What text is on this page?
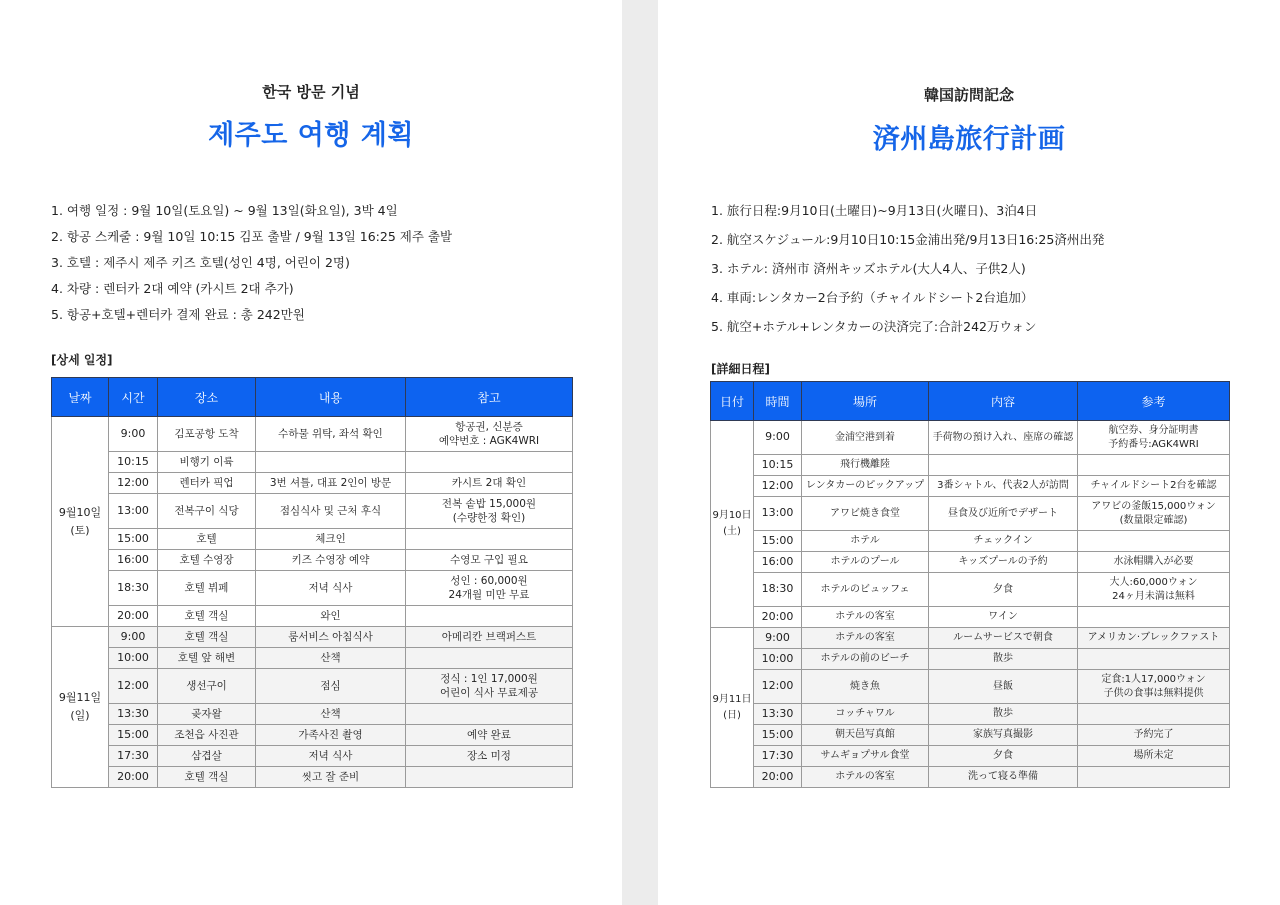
한국 방문 기념
제주도 여행 계획
1. 여행 일정 : 9월 10일(토요일) ~ 9월 13일(화요일), 3박 4일
2. 항공 스케줄 : 9월 10일 10:15 김포 출발 / 9월 13일 16:25 제주 출발
3. 호텔 : 제주시 제주 키즈 호텔(성인 4명, 어린이 2명)
4. 차량 : 렌터카 2대 예약 (카시트 2대 추가)
5. 항공+호텔+렌터카 결제 완료 : 총 242만원
[상세 일정]
날짜	시간	장소	내용	참고
9월10일
(토)	9:00	김포공항 도착	수하물 위탁, 좌석 확인	항공권, 신분증
예약번호 : AGK4WRI
	10:15	비행기 이륙		
	12:00	렌터카 픽업	3번 셔틀, 대표 2인이 방문	카시트 2대 확인
	13:00	전복구이 식당	점심식사 및 근처 후식	전복 솥밥 15,000원
(수량한정 확인)
	15:00	호텔	체크인	
	16:00	호텔 수영장	키즈 수영장 예약	수영모 구입 필요
	18:30	호텔 뷔페	저녁 식사	성인 : 60,000원
24개월 미만 무료
	20:00	호텔 객실	와인	
9월11일
(일)	9:00	호텔 객실	룸서비스 아침식사	아메리칸 브랙퍼스트
	10:00	호텔 앞 해변	산책	
	12:00	생선구이	점심	정식 : 1인 17,000원
어린이 식사 무료제공
	13:30	곶자왈	산책	
	15:00	조천읍 사진관	가족사진 촬영	예약 완료
	17:30	삼겹살	저녁 식사	장소 미정
	20:00	호텔 객실	씻고 잘 준비	
韓国訪問記念
済州島旅行計画
1. 旅行日程:9月10日(土曜日)~9月13日(火曜日)、3泊4日
2. 航空スケジュール:9月10日10:15金浦出発/9月13日16:25済州出発
3. ホテル: 済州市 済州キッズホテル(大人4人、子供2人)
4. 車両:レンタカー2台予約（チャイルドシート2台追加）
5. 航空+ホテル+レンタカーの決済完了:合計242万ウォン
[詳細日程]
日付	時間	場所	内容	参考
9月10日
(土)	9:00	金浦空港到着	手荷物の預け入れ、座席の確認	航空券、身分証明書
予約番号:AGK4WRI
	10:15	飛行機離陸		
	12:00	レンタカーのピックアップ	3番シャトル、代表2人が訪問	チャイルドシート2台を確認
	13:00	アワビ焼き食堂	昼食及び近所でデザート	アワビの釜飯15,000ウォン
(数量限定確認)
	15:00	ホテル	チェックイン	
	16:00	ホテルのプール	キッズプールの予約	水泳帽購入が必要
	18:30	ホテルのビュッフェ	夕食	大人:60,000ウォン
24ヶ月未満は無料
	20:00	ホテルの客室	ワイン	
9月11日
(日)	9:00	ホテルの客室	ルームサービスで朝食	アメリカン·ブレックファスト
	10:00	ホテルの前のビーチ	散歩	
	12:00	焼き魚	昼飯	定食:1人17,000ウォン
子供の食事は無料提供
	13:30	コッチャワル	散歩	
	15:00	朝天邑写真館	家族写真撮影	予約完了
	17:30	サムギョプサル食堂	夕食	場所未定
	20:00	ホテルの客室	洗って寝る準備	
